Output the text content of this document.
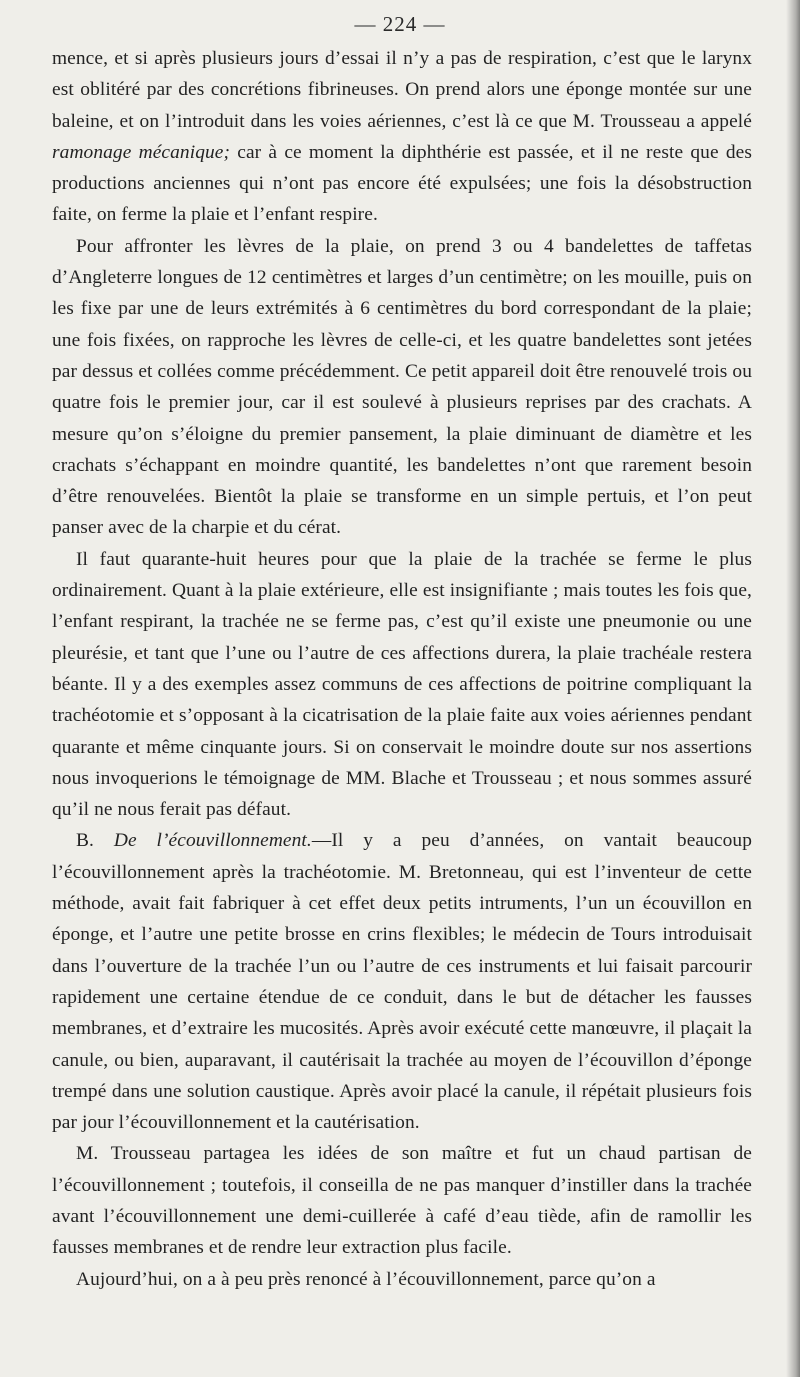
— 224 —

mence, et si après plusieurs jours d’essai il n’y a pas de respiration, c’est que le larynx est oblitéré par des concrétions fibrineuses. On prend alors une éponge montée sur une baleine, et on l’introduit dans les voies aériennes, c’est là ce que M. Trousseau a appelé ramonage mécanique; car à ce moment la diphthérie est passée, et il ne reste que des productions anciennes qui n’ont pas encore été expulsées; une fois la désobstruction faite, on ferme la plaie et l’enfant respire.

Pour affronter les lèvres de la plaie, on prend 3 ou 4 bandelettes de taffetas d’Angleterre longues de 12 centimètres et larges d’un centimètre; on les mouille, puis on les fixe par une de leurs extrémités à 6 centimètres du bord correspondant de la plaie; une fois fixées, on rapproche les lèvres de celle-ci, et les quatre bandelettes sont jetées par dessus et collées comme précédemment. Ce petit appareil doit être renouvelé trois ou quatre fois le premier jour, car il est soulevé à plusieurs reprises par des crachats. A mesure qu’on s’éloigne du premier pansement, la plaie diminuant de diamètre et les crachats s’échappant en moindre quantité, les bandelettes n’ont que rarement besoin d’être renouvelées. Bientôt la plaie se transforme en un simple pertuis, et l’on peut panser avec de la charpie et du cérat.

Il faut quarante-huit heures pour que la plaie de la trachée se ferme le plus ordinairement. Quant à la plaie extérieure, elle est insignifiante ; mais toutes les fois que, l’enfant respirant, la trachée ne se ferme pas, c’est qu’il existe une pneumonie ou une pleurésie, et tant que l’une ou l’autre de ces affections durera, la plaie trachéale restera béante. Il y a des exemples assez communs de ces affections de poitrine compliquant la trachéotomie et s’opposant à la cicatrisation de la plaie faite aux voies aériennes pendant quarante et même cinquante jours. Si on conservait le moindre doute sur nos assertions nous invoquerions le témoignage de MM. Blache et Trousseau ; et nous sommes assuré qu’il ne nous ferait pas défaut.

B. De l’écouvillonnement.—Il y a peu d’années, on vantait beaucoup l’écouvillonnement après la trachéotomie. M. Bretonneau, qui est l’inventeur de cette méthode, avait fait fabriquer à cet effet deux petits intruments, l’un un écouvillon en éponge, et l’autre une petite brosse en crins flexibles; le médecin de Tours introduisait dans l’ouverture de la trachée l’un ou l’autre de ces instruments et lui faisait parcourir rapidement une certaine étendue de ce conduit, dans le but de détacher les fausses membranes, et d’extraire les mucosités. Après avoir exécuté cette manœuvre, il plaçait la canule, ou bien, auparavant, il cautérisait la trachée au moyen de l’écouvillon d’éponge trempé dans une solution caustique. Après avoir placé la canule, il répétait plusieurs fois par jour l’écouvillonnement et la cautérisation.

M. Trousseau partagea les idées de son maître et fut un chaud partisan de l’écouvillonnement ; toutefois, il conseilla de ne pas manquer d’instiller dans la trachée avant l’écouvillonnement une demi-cuillerée à café d’eau tiède, afin de ramollir les fausses membranes et de rendre leur extraction plus facile.

Aujourd’hui, on a à peu près renoncé à l’écouvillonnement, parce qu’on a
